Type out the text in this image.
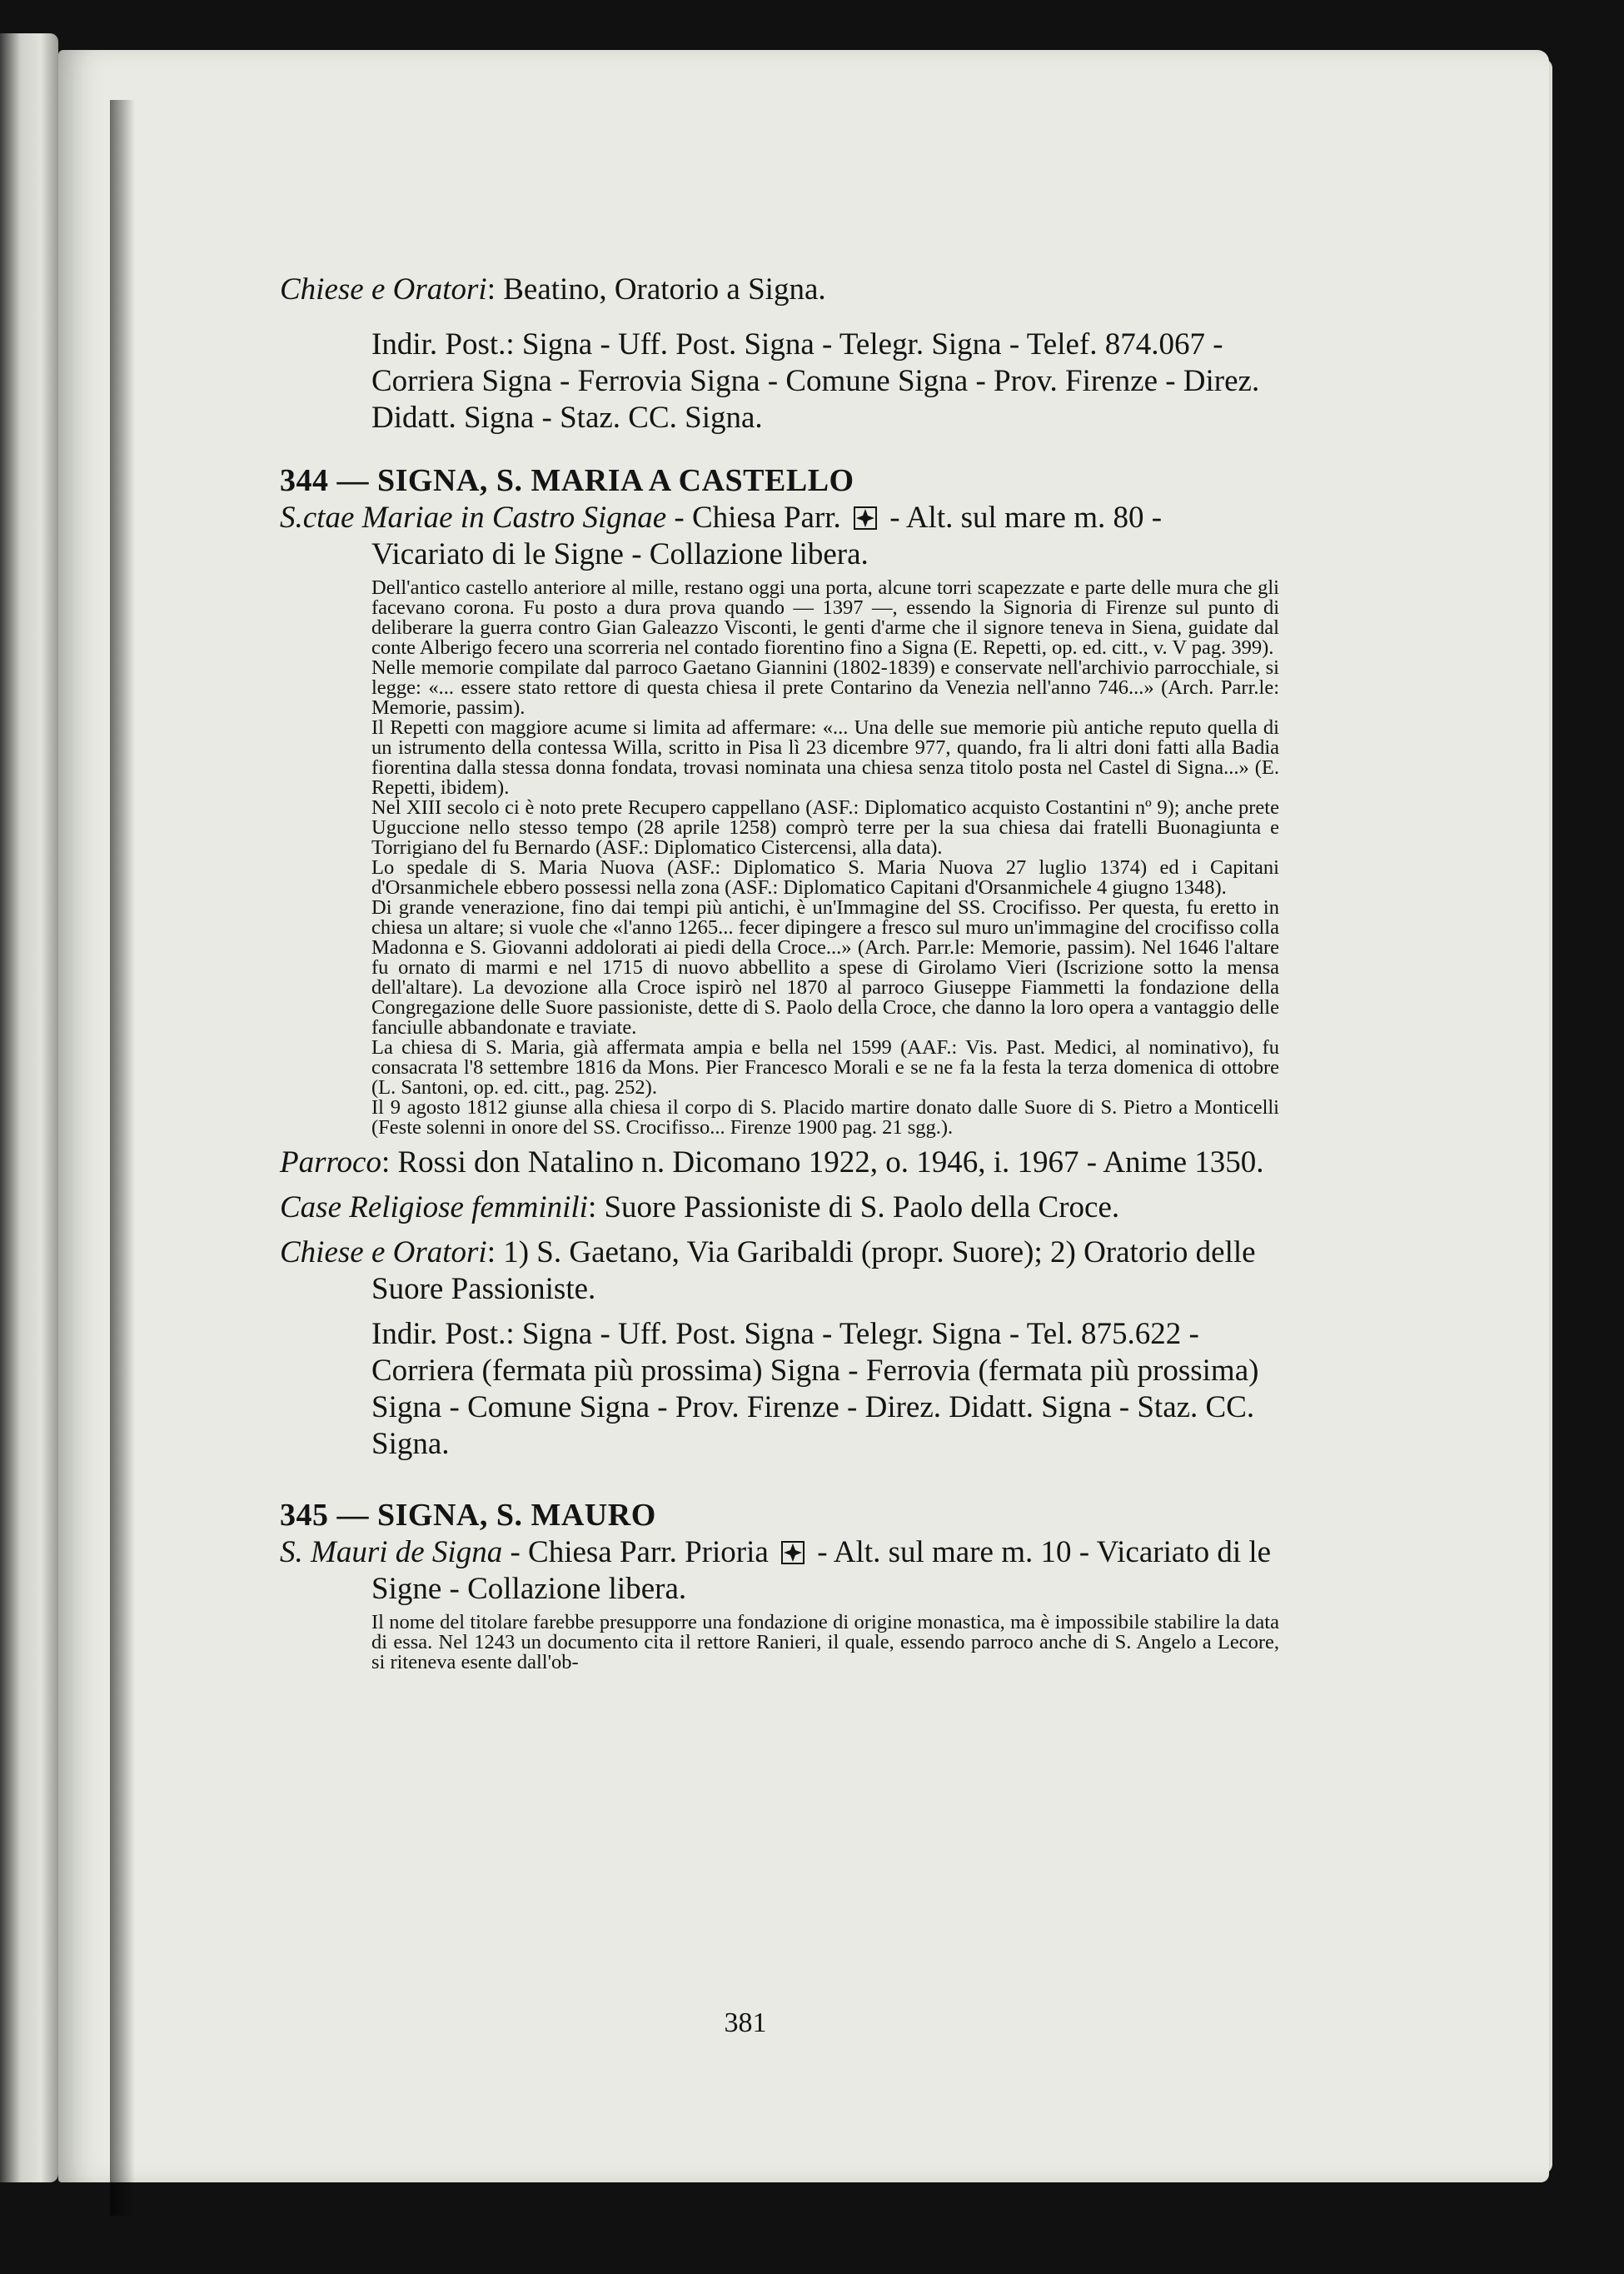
Chiese e Oratori: Beatino, Oratorio a Signa.

Indir. Post.: Signa - Uff. Post. Signa - Telegr. Signa - Telef. 874.067 - Corriera Signa - Ferrovia Signa - Comune Signa - Prov. Firenze - Direz. Didatt. Signa - Staz. CC. Signa.

344 — SIGNA, S. MARIA A CASTELLO

S.ctae Mariae in Castro Signae - Chiesa Parr.  - Alt. sul mare m. 80 - Vicariato di le Signe - Collazione libera.

Dell'antico castello anteriore al mille, restano oggi una porta, alcune torri scapezzate e parte delle mura che gli facevano corona. Fu posto a dura prova quando — 1397 —, essendo la Signoria di Firenze sul punto di deliberare la guerra contro Gian Galeazzo Visconti, le genti d'arme che il signore teneva in Siena, guidate dal conte Alberigo fecero una scorreria nel contado fiorentino fino a Signa (E. Repetti, op. ed. citt., v. V pag. 399).

Nelle memorie compilate dal parroco Gaetano Giannini (1802-1839) e conservate nell'archivio parrocchiale, si legge: «... essere stato rettore di questa chiesa il prete Contarino da Venezia nell'anno 746...» (Arch. Parr.le: Memorie, passim).

Il Repetti con maggiore acume si limita ad affermare: «... Una delle sue memorie più antiche reputo quella di un istrumento della contessa Willa, scritto in Pisa lì 23 dicembre 977, quando, fra li altri doni fatti alla Badia fiorentina dalla stessa donna fondata, trovasi nominata una chiesa senza titolo posta nel Castel di Signa...» (E. Repetti, ibidem).

Nel XIII secolo ci è noto prete Recupero cappellano (ASF.: Diplomatico acquisto Costantini nº 9); anche prete Uguccione nello stesso tempo (28 aprile 1258) comprò terre per la sua chiesa dai fratelli Buonagiunta e Torrigiano del fu Bernardo (ASF.: Diplomatico Cistercensi, alla data).

Lo spedale di S. Maria Nuova (ASF.: Diplomatico S. Maria Nuova 27 luglio 1374) ed i Capitani d'Orsanmichele ebbero possessi nella zona (ASF.: Diplomatico Capitani d'Orsanmichele 4 giugno 1348).

Di grande venerazione, fino dai tempi più antichi, è un'Immagine del SS. Crocifisso. Per questa, fu eretto in chiesa un altare; si vuole che «l'anno 1265... fecer dipingere a fresco sul muro un'immagine del crocifisso colla Madonna e S. Giovanni addolorati ai piedi della Croce...» (Arch. Parr.le: Memorie, passim). Nel 1646 l'altare fu ornato di marmi e nel 1715 di nuovo abbellito a spese di Girolamo Vieri (Iscrizione sotto la mensa dell'altare). La devozione alla Croce ispirò nel 1870 al parroco Giuseppe Fiammetti la fondazione della Congregazione delle Suore passioniste, dette di S. Paolo della Croce, che danno la loro opera a vantaggio delle fanciulle abbandonate e traviate.

La chiesa di S. Maria, già affermata ampia e bella nel 1599 (AAF.: Vis. Past. Medici, al nominativo), fu consacrata l'8 settembre 1816 da Mons. Pier Francesco Morali e se ne fa la festa la terza domenica di ottobre (L. Santoni, op. ed. citt., pag. 252).

Il 9 agosto 1812 giunse alla chiesa il corpo di S. Placido martire donato dalle Suore di S. Pietro a Monticelli (Feste solenni in onore del SS. Crocifisso... Firenze 1900 pag. 21 sgg.).

Parroco: Rossi don Natalino n. Dicomano 1922, o. 1946, i. 1967 - Anime 1350.

Case Religiose femminili: Suore Passioniste di S. Paolo della Croce.

Chiese e Oratori: 1) S. Gaetano, Via Garibaldi (propr. Suore); 2) Oratorio delle Suore Passioniste.

Indir. Post.: Signa - Uff. Post. Signa - Telegr. Signa - Tel. 875.622 - Corriera (fermata più prossima) Signa - Ferrovia (fermata più prossima) Signa - Comune Signa - Prov. Firenze - Direz. Didatt. Signa - Staz. CC. Signa.

345 — SIGNA, S. MAURO

S. Mauri de Signa - Chiesa Parr. Prioria  - Alt. sul mare m. 10 - Vicariato di le Signe - Collazione libera.

Il nome del titolare farebbe presupporre una fondazione di origine monastica, ma è impossibile stabilire la data di essa. Nel 1243 un documento cita il rettore Ranieri, il quale, essendo parroco anche di S. Angelo a Lecore, si riteneva esente dall'ob-

381
